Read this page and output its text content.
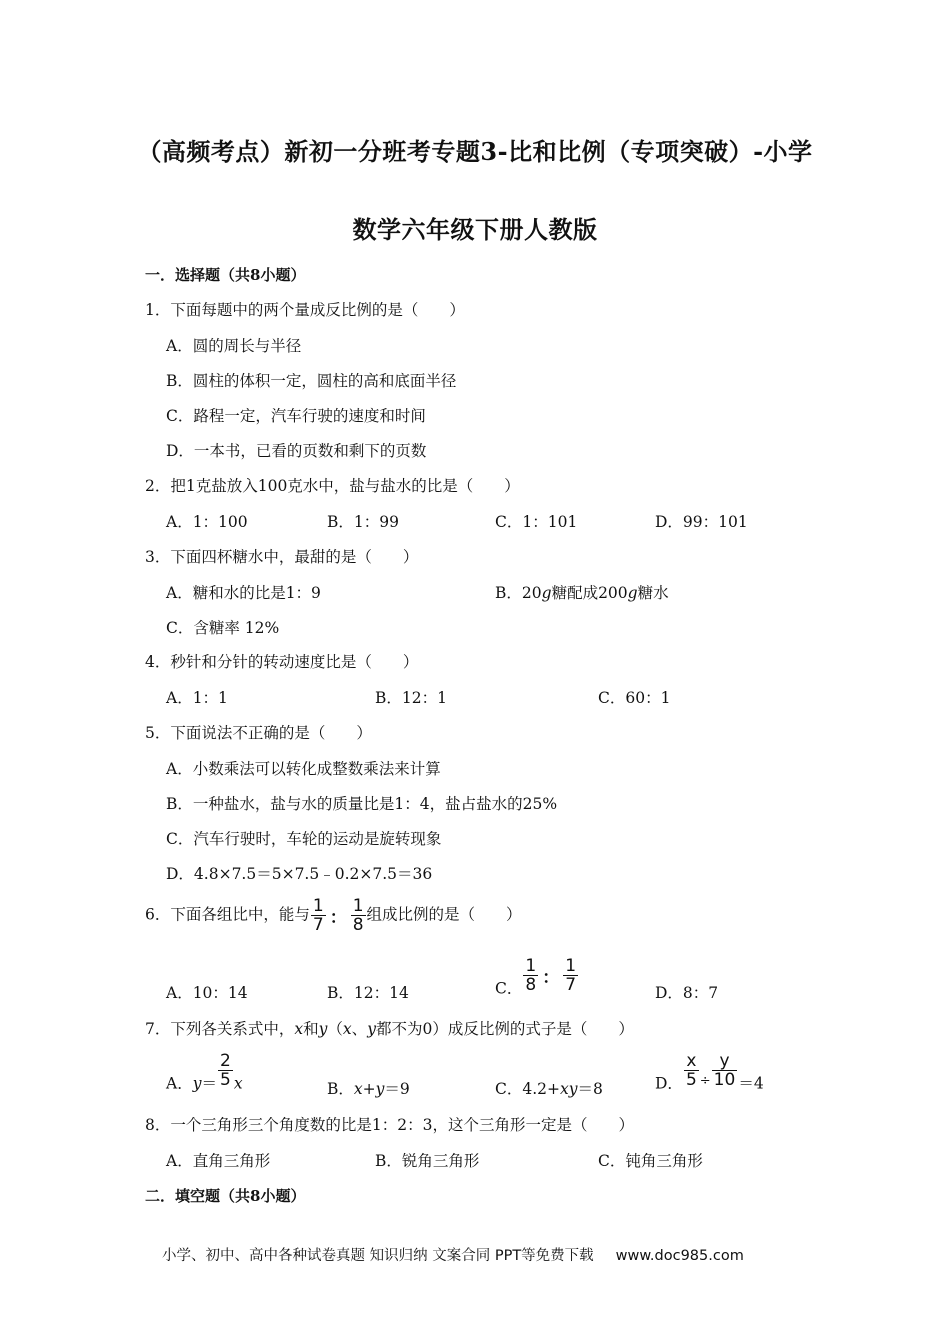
（高频考点）新初一分班考专题3-比和比例（专项突破）-小学
数学六年级下册人教版
一．选择题（共8小题）
1．下面每题中的两个量成反比例的是（　　）
A．圆的周长与半径
B．圆柱的体积一定，圆柱的高和底面半径
C．路程一定，汽车行驶的速度和时间
D．一本书，已看的页数和剩下的页数
2．把1克盐放入100克水中，盐与盐水的比是（　　）
A．1：100	B．1：99	C．1：101	D．99：101
3．下面四杯糖水中，最甜的是（　　）
A．糖和水的比是1：9	B．20g糖配成200g糖水
C．含糖率 12%
4．秒针和分针的转动速度比是（　　）
A．1：1	B．12：1	C．60：1
5．下面说法不正确的是（　　）
A．小数乘法可以转化成整数乘法来计算
B．一种盐水，盐与水的质量比是1：4，盐占盐水的25%
C．汽车行驶时，车轮的运动是旋转现象
D．4.8×7.5＝5×7.5﹣0.2×7.5＝36
6．下面各组比中，能与 $\frac{1}{7}$ ： $\frac{1}{8}$ 组成比例的是（　　）
A．10：14	B．12：14	C． $\frac{1}{8}$ ： $\frac{1}{7}$	D．8：7
7．下列各关系式中，x和y（x、y都不为0）成反比例的式子是（　　）
A．$y= \frac{2}{5}$ x	B．x+y＝9	C．4.2+xy＝8	D． $\frac{x}{5} _\div \frac{y}{10} =4$
8．一个三角形三个角度数的比是1：2：3，这个三角形一定是（　　）
A．直角三角形	B．锐角三角形	C．钝角三角形
二．填空题（共8小题）
小学、初中、高中各种试卷真题 知识归纳 文案合同 PPT等免费下载 www.doc985.com
